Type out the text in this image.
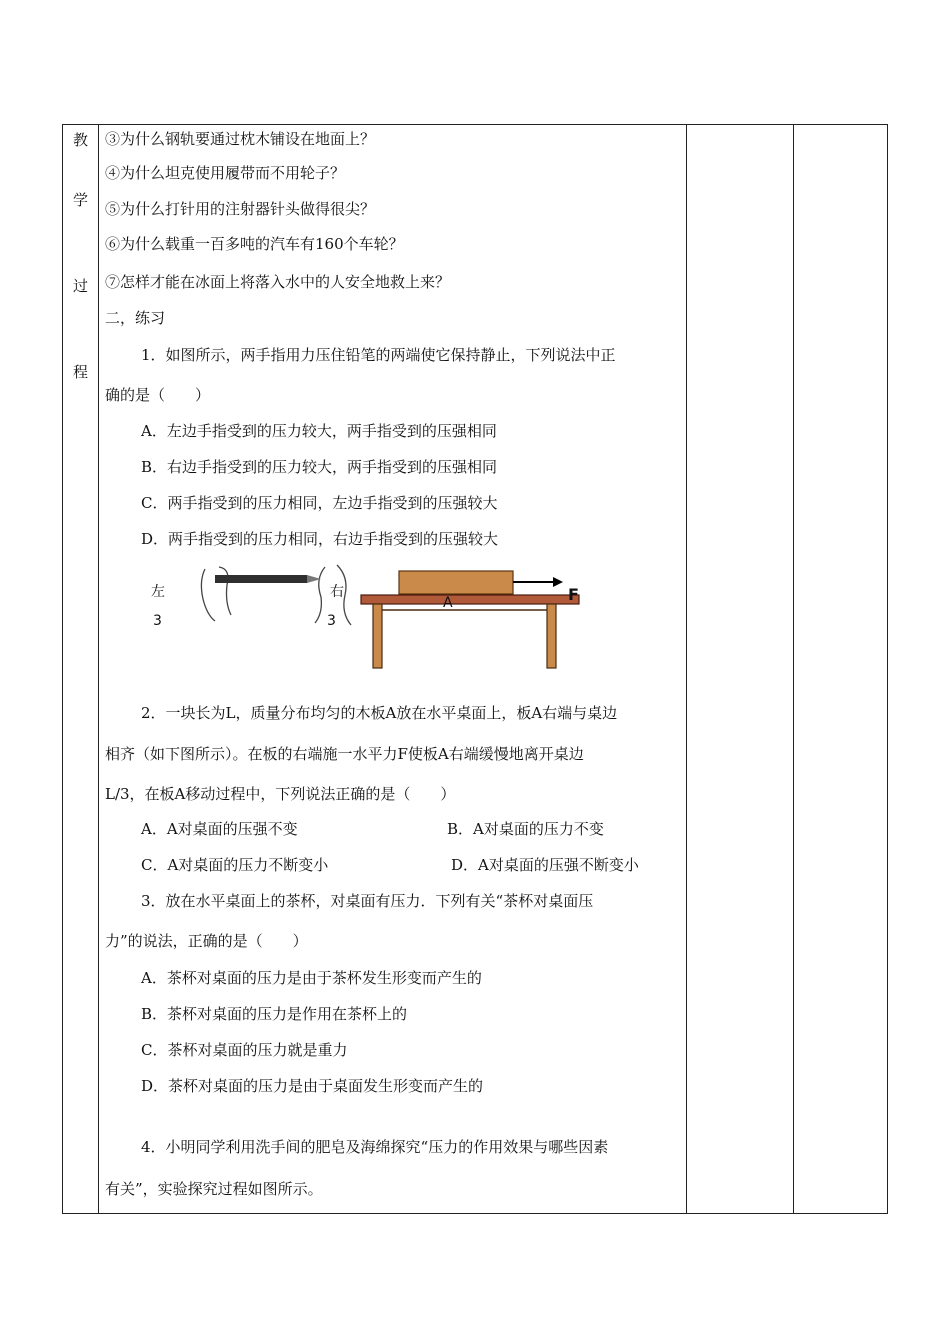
教
学
过
程
③为什么钢轨要通过枕木铺设在地面上？
④为什么坦克使用履带而不用轮子？
⑤为什么打针用的注射器针头做得很尖？
⑥为什么载重一百多吨的汽车有160个车轮？
⑦怎样才能在冰面上将落入水中的人安全地救上来？
二，练习
1．如图所示，两手指用力压住铅笔的两端使它保持静止，下列说法中正
确的是（　　）
A．左边手指受到的压力较大，两手指受到的压强相同
B．右边手指受到的压力较大，两手指受到的压强相同
C．两手指受到的压力相同，左边手指受到的压强较大
D．两手指受到的压力相同，右边手指受到的压强较大
左
3
右
3
A	F
2．一块长为L，质量分布均匀的木板A放在水平桌面上，板A右端与桌边
相齐（如下图所示）。在板的右端施一水平力F使板A右端缓慢地离开桌边
L/3，在板A移动过程中，下列说法正确的是（　　）
A．A对桌面的压强不变	B．A对桌面的压力不变
C．A对桌面的压力不断变小	D．A对桌面的压强不断变小
3．放在水平桌面上的茶杯，对桌面有压力．下列有关“茶杯对桌面压
力”的说法，正确的是（　　）
A．茶杯对桌面的压力是由于茶杯发生形变而产生的
B．茶杯对桌面的压力是作用在茶杯上的
C．茶杯对桌面的压力就是重力
D．茶杯对桌面的压力是由于桌面发生形变而产生的
4．小明同学利用洗手间的肥皂及海绵探究“压力的作用效果与哪些因素
有关”，实验探究过程如图所示。
